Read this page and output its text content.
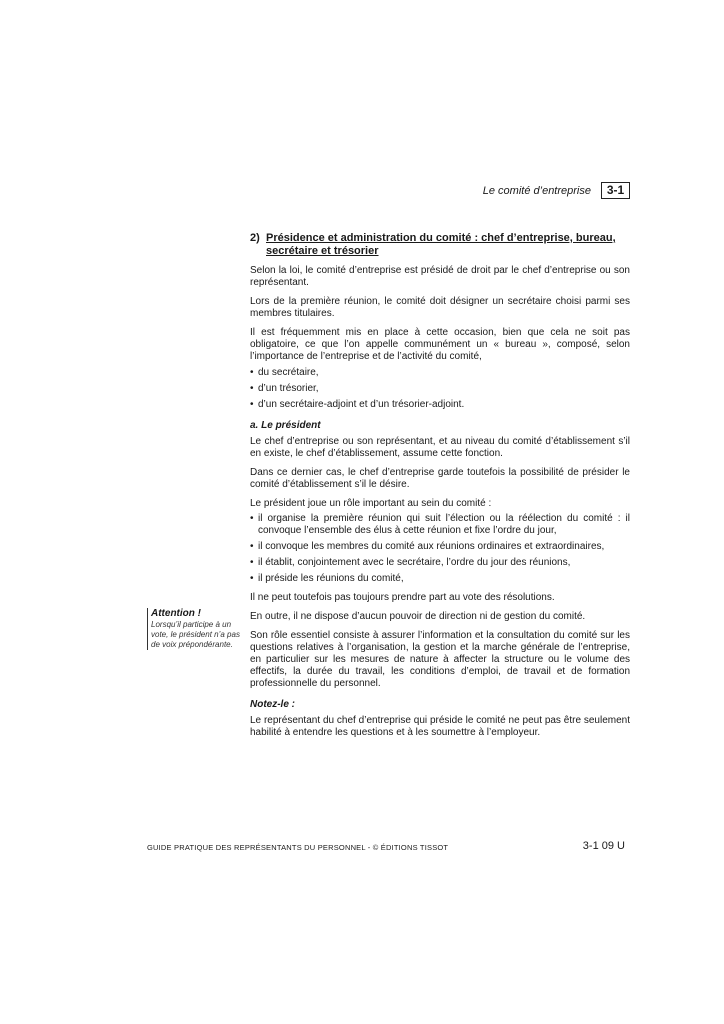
Le comité d’entreprise	3-1
2) Présidence et administration du comité : chef d’entreprise, bureau, secrétaire et trésorier

Selon la loi, le comité d’entreprise est présidé de droit par le chef d’entreprise ou son représentant.

Lors de la première réunion, le comité doit désigner un secrétaire choisi parmi ses membres titulaires.

Il est fréquemment mis en place à cette occasion, bien que cela ne soit pas obligatoire, ce que l’on appelle communément un « bureau », composé, selon l’importance de l’entreprise et de l’activité du comité,

• du secrétaire,
• d’un trésorier,
• d’un secrétaire-adjoint et d’un trésorier-adjoint.
a. Le président

Le chef d’entreprise ou son représentant, et au niveau du comité d’établissement s’il en existe, le chef d’établissement, assume cette fonction.

Dans ce dernier cas, le chef d’entreprise garde toutefois la possibilité de présider le comité d’établissement s’il le désire.

Le président joue un rôle important au sein du comité :

• il organise la première réunion qui suit l’élection ou la réélection du comité : il convoque l’ensemble des élus à cette réunion et fixe l’ordre du jour,
• il convoque les membres du comité aux réunions ordinaires et extraordinaires,
• il établit, conjointement avec le secrétaire, l’ordre du jour des réunions,
• il préside les réunions du comité,

Il ne peut toutefois pas toujours prendre part au vote des résolutions.

En outre, il ne dispose d’aucun pouvoir de direction ni de gestion du comité.

Son rôle essentiel consiste à assurer l’information et la consultation du comité sur les questions relatives à l’organisation, la gestion et la marche générale de l’entreprise, en particulier sur les mesures de nature à affecter la structure ou le volume des effectifs, la durée du travail, les conditions d’emploi, de travail et de formation professionnelle du personnel.

Notez-le :

Le représentant du chef d’entreprise qui préside le comité ne peut pas être seulement habilité à entendre les questions et à les soumettre à l’employeur.

Attention !
Lorsqu’il participe à un vote, le président n’a pas de voix prépondérante.
GUIDE PRATIQUE DES REPRÉSENTANTS DU PERSONNEL - © ÉDITIONS TISSOT	3-1 09 U
